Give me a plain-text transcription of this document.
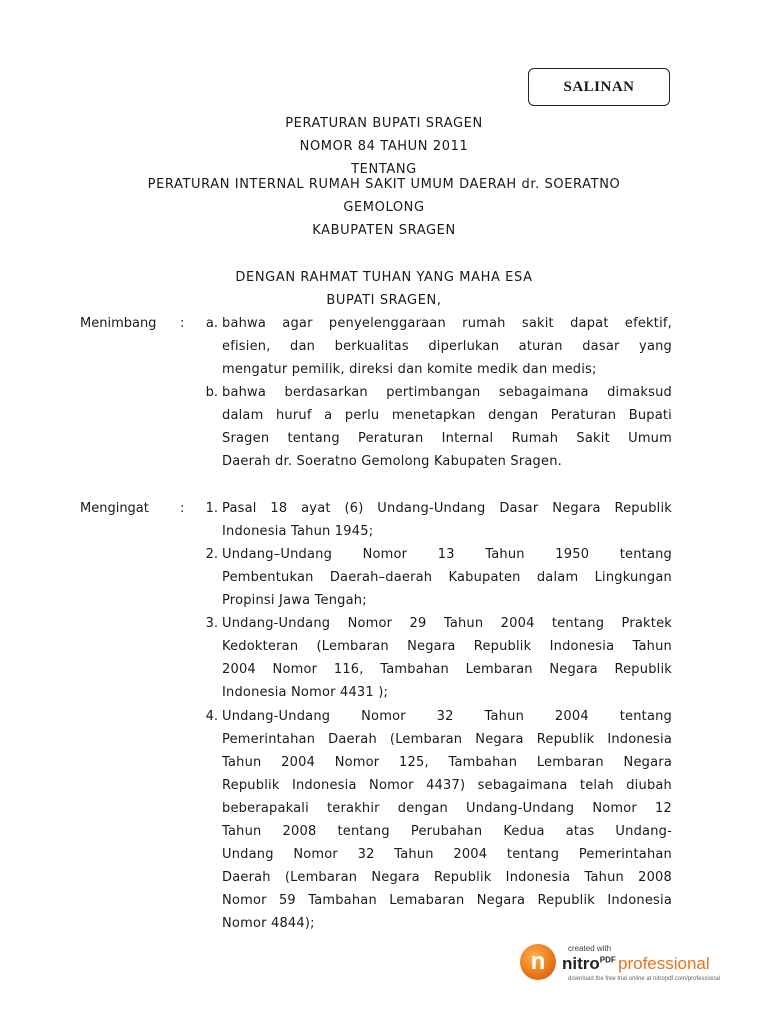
SALINAN
PERATURAN BUPATI SRAGEN
NOMOR 84 TAHUN 2011
TENTANG
PERATURAN INTERNAL RUMAH SAKIT UMUM DAERAH dr. SOERATNO
GEMOLONG
KABUPATEN SRAGEN
DENGAN RAHMAT TUHAN YANG MAHA ESA
BUPATI SRAGEN,
Menimbang :	a. bahwa agar penyelenggaraan rumah sakit dapat efektif,
efisien, dan berkualitas diperlukan aturan dasar yang
mengatur pemilik, direksi dan komite medik dan medis;
b. bahwa berdasarkan pertimbangan sebagaimana dimaksud
dalam huruf a perlu menetapkan dengan Peraturan Bupati
Sragen tentang Peraturan Internal Rumah Sakit Umum
Daerah dr. Soeratno Gemolong Kabupaten Sragen.
Mengingat :	1. Pasal 18 ayat (6) Undang-Undang Dasar Negara Republik
Indonesia Tahun 1945;
2. Undang–Undang Nomor 13 Tahun 1950 tentang
Pembentukan Daerah–daerah Kabupaten dalam Lingkungan
Propinsi Jawa Tengah;
3. Undang-Undang Nomor 29 Tahun 2004 tentang Praktek
Kedokteran (Lembaran Negara Republik Indonesia Tahun
2004 Nomor 116, Tambahan Lembaran Negara Republik
Indonesia Nomor 4431 );
4. Undang-Undang Nomor 32 Tahun 2004 tentang
Pemerintahan Daerah (Lembaran Negara Republik Indonesia
Tahun 2004 Nomor 125, Tambahan Lembaran Negara
Republik Indonesia Nomor 4437) sebagaimana telah diubah
beberapakali terakhir dengan Undang-Undang Nomor 12
Tahun 2008 tentang Perubahan Kedua atas Undang-
Undang Nomor 32 Tahun 2004 tentang Pemerintahan
Daerah (Lembaran Negara Republik Indonesia Tahun 2008
Nomor 59 Tambahan Lemabaran Negara Republik Indonesia
Nomor 4844);
n	created with
nitro$^{PDF}$ professional
download the free trial online at nitropdf.com/professional
